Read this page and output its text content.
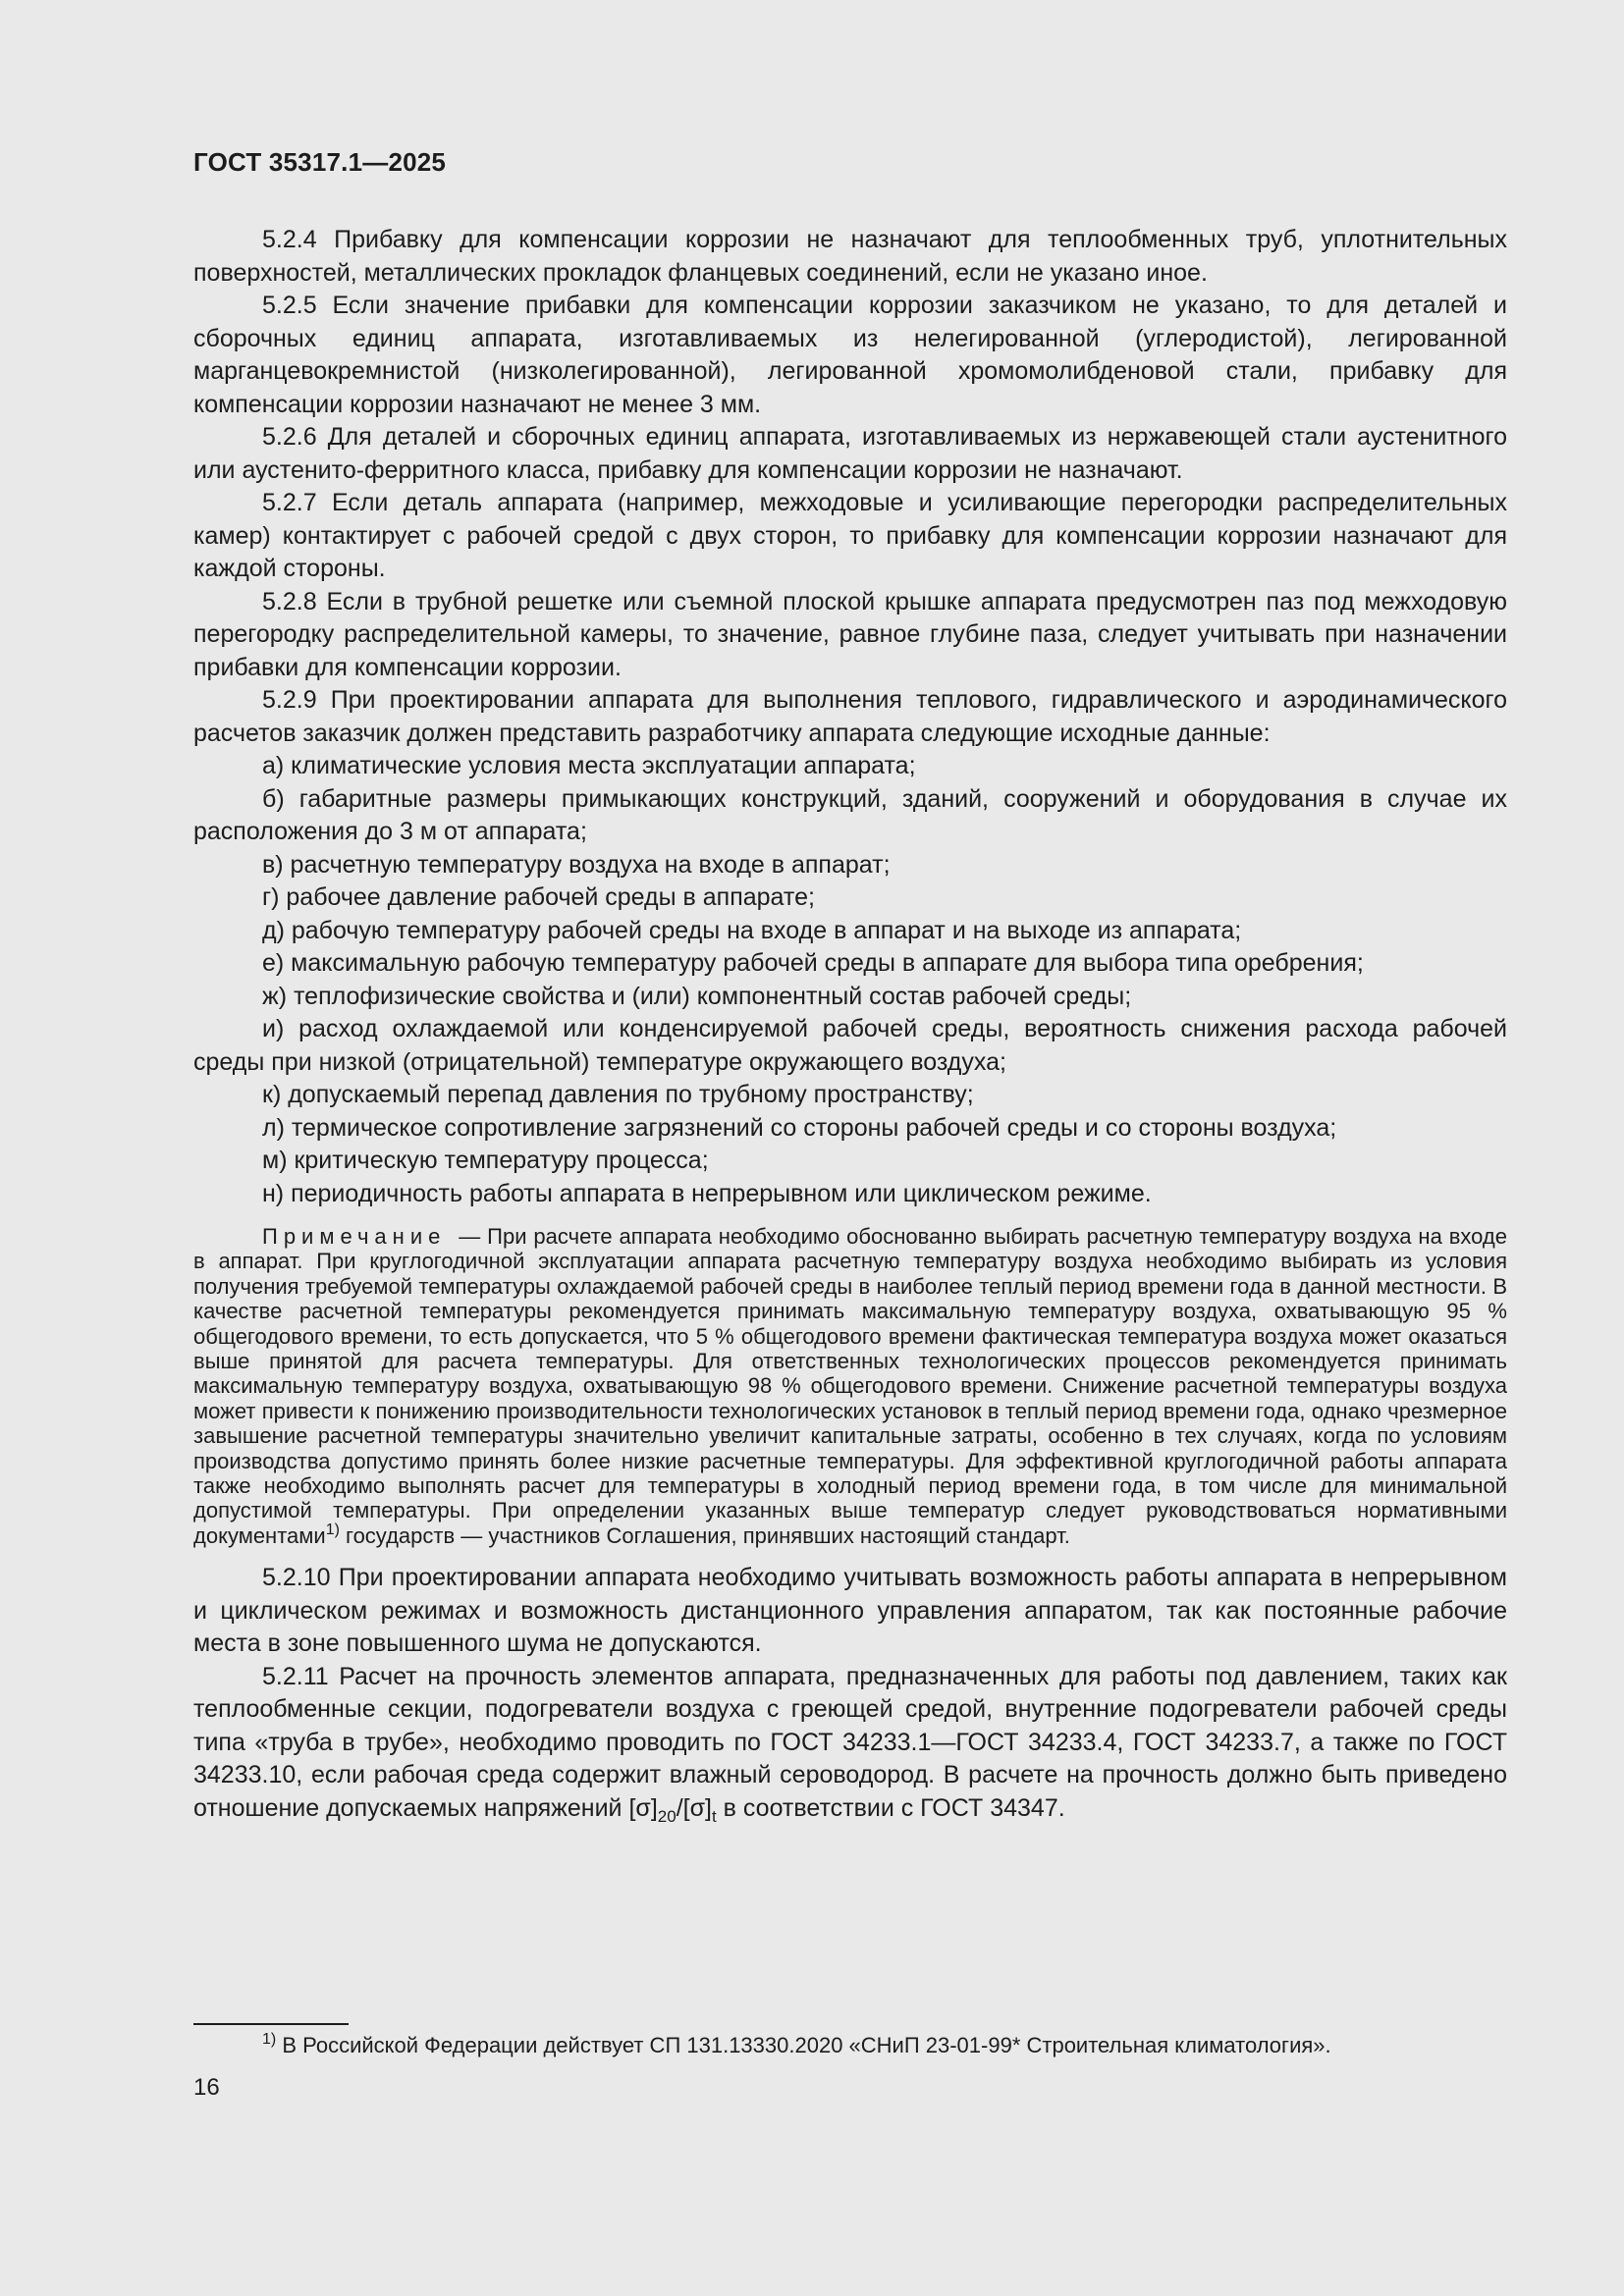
ГОСТ 35317.1—2025

5.2.4 Прибавку для компенсации коррозии не назначают для теплообменных труб, уплотнительных поверхностей, металлических прокладок фланцевых соединений, если не указано иное.

5.2.5 Если значение прибавки для компенсации коррозии заказчиком не указано, то для деталей и сборочных единиц аппарата, изготавливаемых из нелегированной (углеродистой), легированной марганцевокремнистой (низколегированной), легированной хромомолибденовой стали, прибавку для компенсации коррозии назначают не менее 3 мм.

5.2.6 Для деталей и сборочных единиц аппарата, изготавливаемых из нержавеющей стали аустенитного или аустенито-ферритного класса, прибавку для компенсации коррозии не назначают.

5.2.7 Если деталь аппарата (например, межходовые и усиливающие перегородки распределительных камер) контактирует с рабочей средой с двух сторон, то прибавку для компенсации коррозии назначают для каждой стороны.

5.2.8 Если в трубной решетке или съемной плоской крышке аппарата предусмотрен паз под межходовую перегородку распределительной камеры, то значение, равное глубине паза, следует учитывать при назначении прибавки для компенсации коррозии.

5.2.9 При проектировании аппарата для выполнения теплового, гидравлического и аэродинамического расчетов заказчик должен представить разработчику аппарата следующие исходные данные:

а) климатические условия места эксплуатации аппарата;

б) габаритные размеры примыкающих конструкций, зданий, сооружений и оборудования в случае их расположения до 3 м от аппарата;

в) расчетную температуру воздуха на входе в аппарат;

г) рабочее давление рабочей среды в аппарате;

д) рабочую температуру рабочей среды на входе в аппарат и на выходе из аппарата;

е) максимальную рабочую температуру рабочей среды в аппарате для выбора типа оребрения;

ж) теплофизические свойства и (или) компонентный состав рабочей среды;

и) расход охлаждаемой или конденсируемой рабочей среды, вероятность снижения расхода рабочей среды при низкой (отрицательной) температуре окружающего воздуха;

к) допускаемый перепад давления по трубному пространству;

л) термическое сопротивление загрязнений со стороны рабочей среды и со стороны воздуха;

м) критическую температуру процесса;

н) периодичность работы аппарата в непрерывном или циклическом режиме.

Примечание — При расчете аппарата необходимо обоснованно выбирать расчетную температуру воздуха на входе в аппарат. При круглогодичной эксплуатации аппарата расчетную температуру воздуха необходимо выбирать из условия получения требуемой температуры охлаждаемой рабочей среды в наиболее теплый период времени года в данной местности. В качестве расчетной температуры рекомендуется принимать максимальную температуру воздуха, охватывающую 95 % общегодового времени, то есть допускается, что 5 % общегодового времени фактическая температура воздуха может оказаться выше принятой для расчета температуры. Для ответственных технологических процессов рекомендуется принимать максимальную температуру воздуха, охватывающую 98 % общегодового времени. Снижение расчетной температуры воздуха может привести к понижению производительности технологических установок в теплый период времени года, однако чрезмерное завышение расчетной температуры значительно увеличит капитальные затраты, особенно в тех случаях, когда по условиям производства допустимо принять более низкие расчетные температуры. Для эффективной круглогодичной работы аппарата также необходимо выполнять расчет для температуры в холодный период времени года, в том числе для минимальной допустимой температуры. При определении указанных выше температур следует руководствоваться нормативными документами$^{1)}$ государств — участников Соглашения, принявших настоящий стандарт.

5.2.10 При проектировании аппарата необходимо учитывать возможность работы аппарата в непрерывном и циклическом режимах и возможность дистанционного управления аппаратом, так как постоянные рабочие места в зоне повышенного шума не допускаются.

5.2.11 Расчет на прочность элементов аппарата, предназначенных для работы под давлением, таких как теплообменные секции, подогреватели воздуха с греющей средой, внутренние подогреватели рабочей среды типа «труба в трубе», необходимо проводить по ГОСТ 34233.1—ГОСТ 34233.4, ГОСТ 34233.7, а также по ГОСТ 34233.10, если рабочая среда содержит влажный сероводород. В расчете на прочность должно быть приведено отношение допускаемых напряжений $[\sigma]_{20}/[\sigma]_t$ в соответствии с ГОСТ 34347.

$^{1)}$ В Российской Федерации действует СП 131.13330.2020 «СНиП 23-01-99* Строительная климатология».
16
